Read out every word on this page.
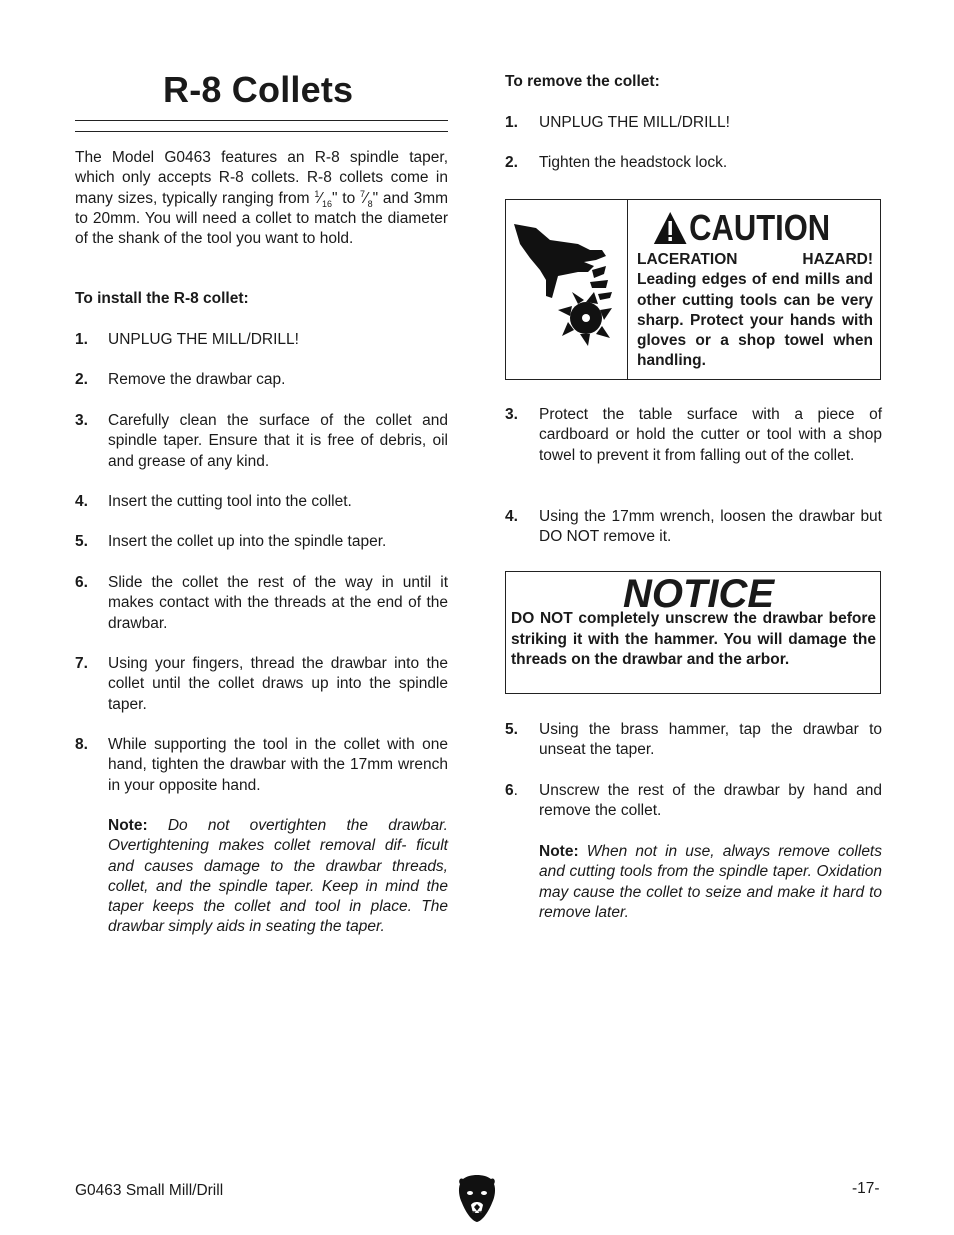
R-8 Collets

The Model G0463 features an R-8 spindle taper, which only accepts R-8 collets. R-8 collets come in many sizes, typically ranging from $^1⁄_{16}$" to $^7⁄_8$" and 3mm to 20mm. You will need a collet to match the diameter of the shank of the tool you want to hold.

To install the R-8 collet:

1. UNPLUG THE MILL/DRILL!
2. Remove the drawbar cap.
3. Carefully clean the surface of the collet and spindle taper. Ensure that it is free of debris, oil and grease of any kind.
4. Insert the cutting tool into the collet.
5. Insert the collet up into the spindle taper.
6. Slide the collet the rest of the way in until it makes contact with the threads at the end of the drawbar.
7. Using your fingers, thread the drawbar into the collet until the collet draws up into the spindle taper.
8. While supporting the tool in the collet with one hand, tighten the drawbar with the 17mm wrench in your opposite hand.

Note: Do not overtighten the drawbar. Overtightening makes collet removal dif- ficult and causes damage to the drawbar threads, collet, and the spindle taper. Keep in mind the taper keeps the collet and tool in place. The drawbar simply aids in seating the taper.

To remove the collet:

1. UNPLUG THE MILL/DRILL!
2. Tighten the headstock lock.
3. Protect the table surface with a piece of cardboard or hold the cutter or tool with a shop towel to prevent it from falling out of the collet.
4. Using the 17mm wrench, loosen the drawbar but DO NOT remove it.
5. Using the brass hammer, tap the drawbar to unseat the taper.
6. Unscrew the rest of the drawbar by hand and remove the collet.

Note: When not in use, always remove collets and cutting tools from the spindle taper. Oxidation may cause the collet to seize and make it hard to remove later.

CAUTION

LACERATION HAZARD! Leading edges of end mills and other cutting tools can be very sharp. Protect your hands with gloves or a shop towel when handling.

NOTICE

DO NOT completely unscrew the drawbar before striking it with the hammer. You will damage the threads on the drawbar and the arbor.

G0463 Small Mill/Drill	-17-
